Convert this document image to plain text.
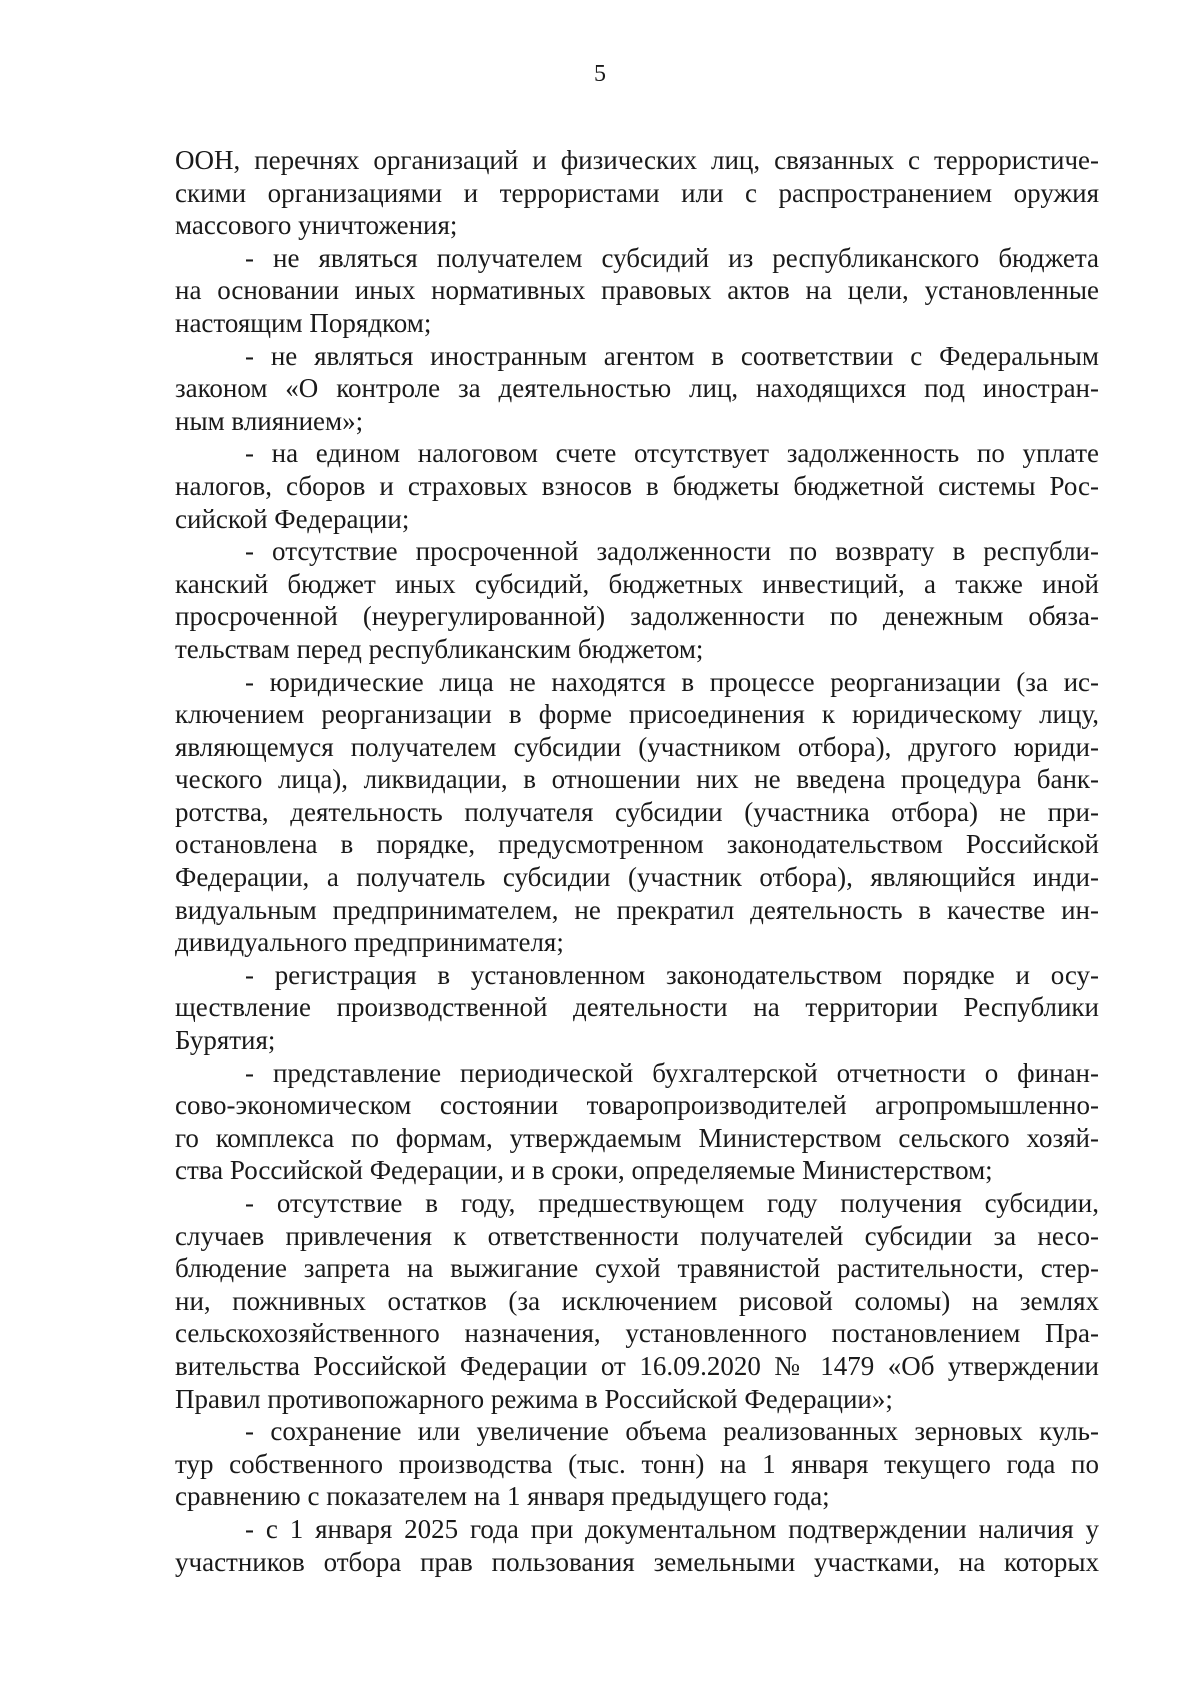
5
ООН, перечнях организаций и физических лиц, связанных с террористиче-
скими организациями и террористами или с распространением оружия
массового уничтожения;
- не являться получателем субсидий из республиканского бюджета
на основании иных нормативных правовых актов на цели, установленные
настоящим Порядком;
- не являться иностранным агентом в соответствии с Федеральным
законом «О контроле за деятельностью лиц, находящихся под иностран-
ным влиянием»;
- на едином налоговом счете отсутствует задолженность по уплате
налогов, сборов и страховых взносов в бюджеты бюджетной системы Рос-
сийской Федерации;
- отсутствие просроченной задолженности по возврату в республи-
канский бюджет иных субсидий, бюджетных инвестиций, а также иной
просроченной (неурегулированной) задолженности по денежным обяза-
тельствам перед республиканским бюджетом;
- юридические лица не находятся в процессе реорганизации (за ис-
ключением реорганизации в форме присоединения к юридическому лицу,
являющемуся получателем субсидии (участником отбора), другого юриди-
ческого лица), ликвидации, в отношении них не введена процедура банк-
ротства, деятельность получателя субсидии (участника отбора) не при-
остановлена в порядке, предусмотренном законодательством Российской
Федерации, а получатель субсидии (участник отбора), являющийся инди-
видуальным предпринимателем, не прекратил деятельность в качестве ин-
дивидуального предпринимателя;
- регистрация в установленном законодательством порядке и осу-
ществление производственной деятельности на территории Республики
Бурятия;
- представление периодической бухгалтерской отчетности о финан-
сово-экономическом состоянии товаропроизводителей агропромышленно-
го комплекса по формам, утверждаемым Министерством сельского хозяй-
ства Российской Федерации, и в сроки, определяемые Министерством;
- отсутствие в году, предшествующем году получения субсидии,
случаев привлечения к ответственности получателей субсидии за несо-
блюдение запрета на выжигание сухой травянистой растительности, стер-
ни, пожнивных остатков (за исключением рисовой соломы) на землях
сельскохозяйственного назначения, установленного постановлением Пра-
вительства Российской Федерации от 16.09.2020 № 1479 «Об утверждении
Правил противопожарного режима в Российской Федерации»;
- сохранение или увеличение объема реализованных зерновых куль-
тур собственного производства (тыс. тонн) на 1 января текущего года по
сравнению с показателем на 1 января предыдущего года;
- с 1 января 2025 года при документальном подтверждении наличия у
участников отбора прав пользования земельными участками, на которых
